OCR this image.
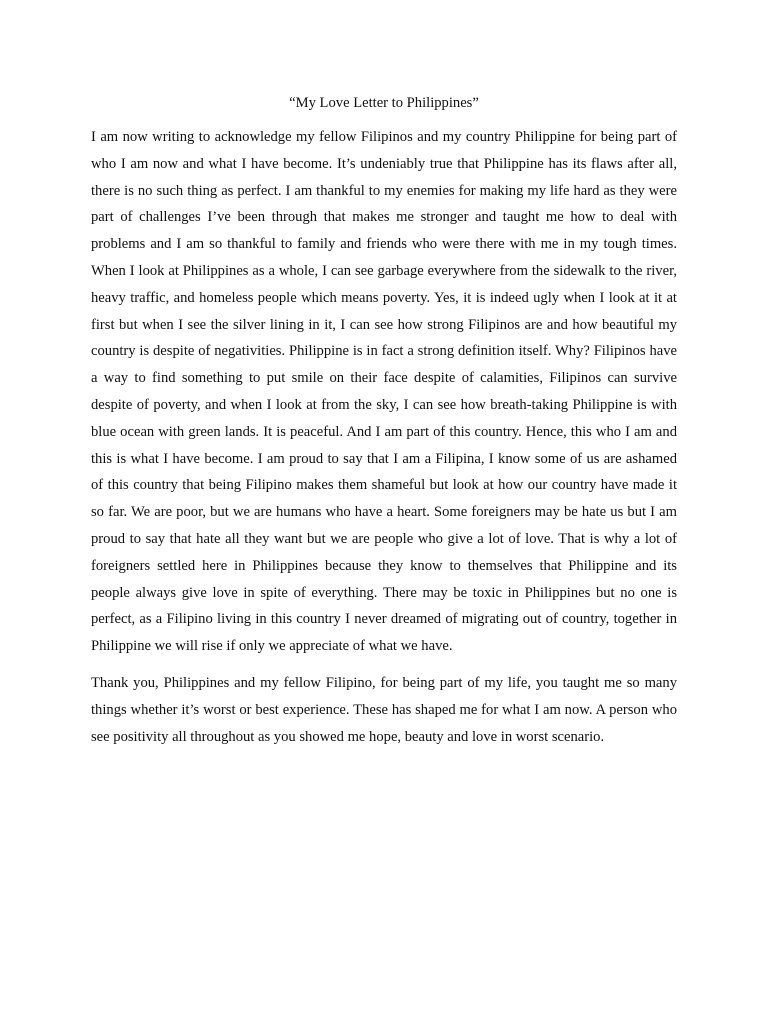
“My Love Letter to Philippines”

I am now writing to acknowledge my fellow Filipinos and my country Philippine for being part of who I am now and what I have become. It’s undeniably true that Philippine has its flaws after all, there is no such thing as perfect. I am thankful to my enemies for making my life hard as they were part of challenges I’ve been through that makes me stronger and taught me how to deal with problems and I am so thankful to family and friends who were there with me in my tough times. When I look at Philippines as a whole, I can see garbage everywhere from the sidewalk to the river, heavy traffic, and homeless people which means poverty. Yes, it is indeed ugly when I look at it at first but when I see the silver lining in it, I can see how strong Filipinos are and how beautiful my country is despite of negativities. Philippine is in fact a strong definition itself. Why? Filipinos have a way to find something to put smile on their face despite of calamities, Filipinos can survive despite of poverty, and when I look at from the sky, I can see how breath-taking Philippine is with blue ocean with green lands. It is peaceful. And I am part of this country. Hence, this who I am and this is what I have become. I am proud to say that I am a Filipina, I know some of us are ashamed of this country that being Filipino makes them shameful but look at how our country have made it so far. We are poor, but we are humans who have a heart. Some foreigners may be hate us but I am proud to say that hate all they want but we are people who give a lot of love. That is why a lot of foreigners settled here in Philippines because they know to themselves that Philippine and its people always give love in spite of everything. There may be toxic in Philippines but no one is perfect, as a Filipino living in this country I never dreamed of migrating out of country, together in Philippine we will rise if only we appreciate of what we have.

Thank you, Philippines and my fellow Filipino, for being part of my life, you taught me so many things whether it’s worst or best experience. These has shaped me for what I am now. A person who see positivity all throughout as you showed me hope, beauty and love in worst scenario.
